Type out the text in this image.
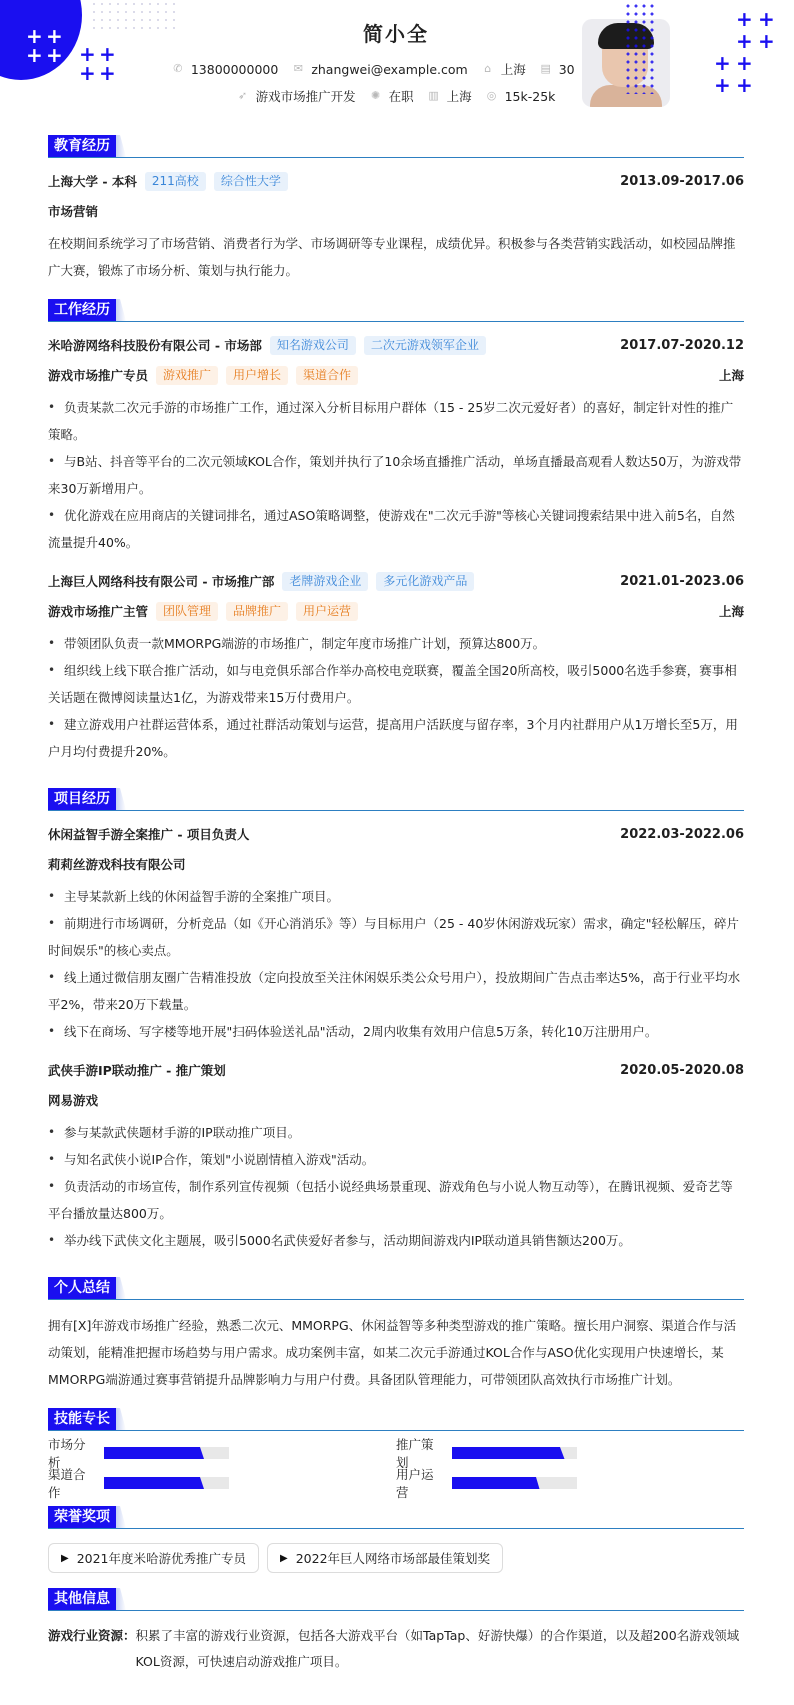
+ +
+ + + +
+ +
简小全
✆ 13800000000 ✉ zhangwei@example.com ⌂ 上海 ▤ 30
➶ 游戏市场推广开发 ✺ 在职 ▥ 上海 ◎ 15k-25k
+ +
+ +
+ +
+ +
教育经历
上海大学 - 本科	211高校	综合性大学	2013.09-2017.06
市场营销

在校期间系统学习了市场营销、消费者行为学、市场调研等专业课程，成绩优异。积极参与各类营销实践活动，如校园品牌推广大赛，锻炼了市场分析、策划与执行能力。

工作经历
米哈游网络科技股份有限公司 - 市场部	知名游戏公司	二次元游戏领军企业	2017.07-2020.12
游戏市场推广专员	游戏推广	用户增长	渠道合作	上海
• 负责某款二次元手游的市场推广工作，通过深入分析目标用户群体（15 - 25岁二次元爱好者）的喜好，制定针对性的推广策略。
• 与B站、抖音等平台的二次元领域KOL合作，策划并执行了10余场直播推广活动，单场直播最高观看人数达50万，为游戏带来30万新增用户。
• 优化游戏在应用商店的关键词排名，通过ASO策略调整，使游戏在"二次元手游"等核心关键词搜索结果中进入前5名，自然流量提升40%。
上海巨人网络科技有限公司 - 市场推广部	老牌游戏企业	多元化游戏产品	2021.01-2023.06
游戏市场推广主管	团队管理	品牌推广	用户运营	上海
• 带领团队负责一款MMORPG端游的市场推广，制定年度市场推广计划，预算达800万。
• 组织线上线下联合推广活动，如与电竞俱乐部合作举办高校电竞联赛，覆盖全国20所高校，吸引5000名选手参赛，赛事相关话题在微博阅读量达1亿，为游戏带来15万付费用户。
• 建立游戏用户社群运营体系，通过社群活动策划与运营，提高用户活跃度与留存率，3个月内社群用户从1万增长至5万，用户月均付费提升20%。
项目经历
休闲益智手游全案推广 - 项目负责人	2022.03-2022.06
莉莉丝游戏科技有限公司
• 主导某款新上线的休闲益智手游的全案推广项目。
• 前期进行市场调研，分析竞品（如《开心消消乐》等）与目标用户（25 - 40岁休闲游戏玩家）需求，确定"轻松解压，碎片时间娱乐"的核心卖点。
• 线上通过微信朋友圈广告精准投放（定向投放至关注休闲娱乐类公众号用户），投放期间广告点击率达5%，高于行业平均水平2%，带来20万下载量。
• 线下在商场、写字楼等地开展"扫码体验送礼品"活动，2周内收集有效用户信息5万条，转化10万注册用户。
武侠手游IP联动推广 - 推广策划	2020.05-2020.08
网易游戏
• 参与某款武侠题材手游的IP联动推广项目。
• 与知名武侠小说IP合作，策划"小说剧情植入游戏"活动。
• 负责活动的市场宣传，制作系列宣传视频（包括小说经典场景重现、游戏角色与小说人物互动等），在腾讯视频、爱奇艺等平台播放量达800万。
• 举办线下武侠文化主题展，吸引5000名武侠爱好者参与，活动期间游戏内IP联动道具销售额达200万。
个人总结

拥有[X]年游戏市场推广经验，熟悉二次元、MMORPG、休闲益智等多种类型游戏的推广策略。擅长用户洞察、渠道合作与活动策划，能精准把握市场趋势与用户需求。成功案例丰富，如某二次元手游通过KOL合作与ASO优化实现用户快速增长，某MMORPG端游通过赛事营销提升品牌影响力与用户付费。具备团队管理能力，可带领团队高效执行市场推广计划。

技能专长
市场分析
推广策划
渠道合作
用户运营
荣誉奖项
▶ 2021年度米哈游优秀推广专员	▶ 2022年巨人网络市场部最佳策划奖
其他信息
游戏行业资源： 积累了丰富的游戏行业资源，包括各大游戏平台（如TapTap、好游快爆）的合作渠道，以及超200名游戏领域KOL资源，可快速启动游戏推广项目。
